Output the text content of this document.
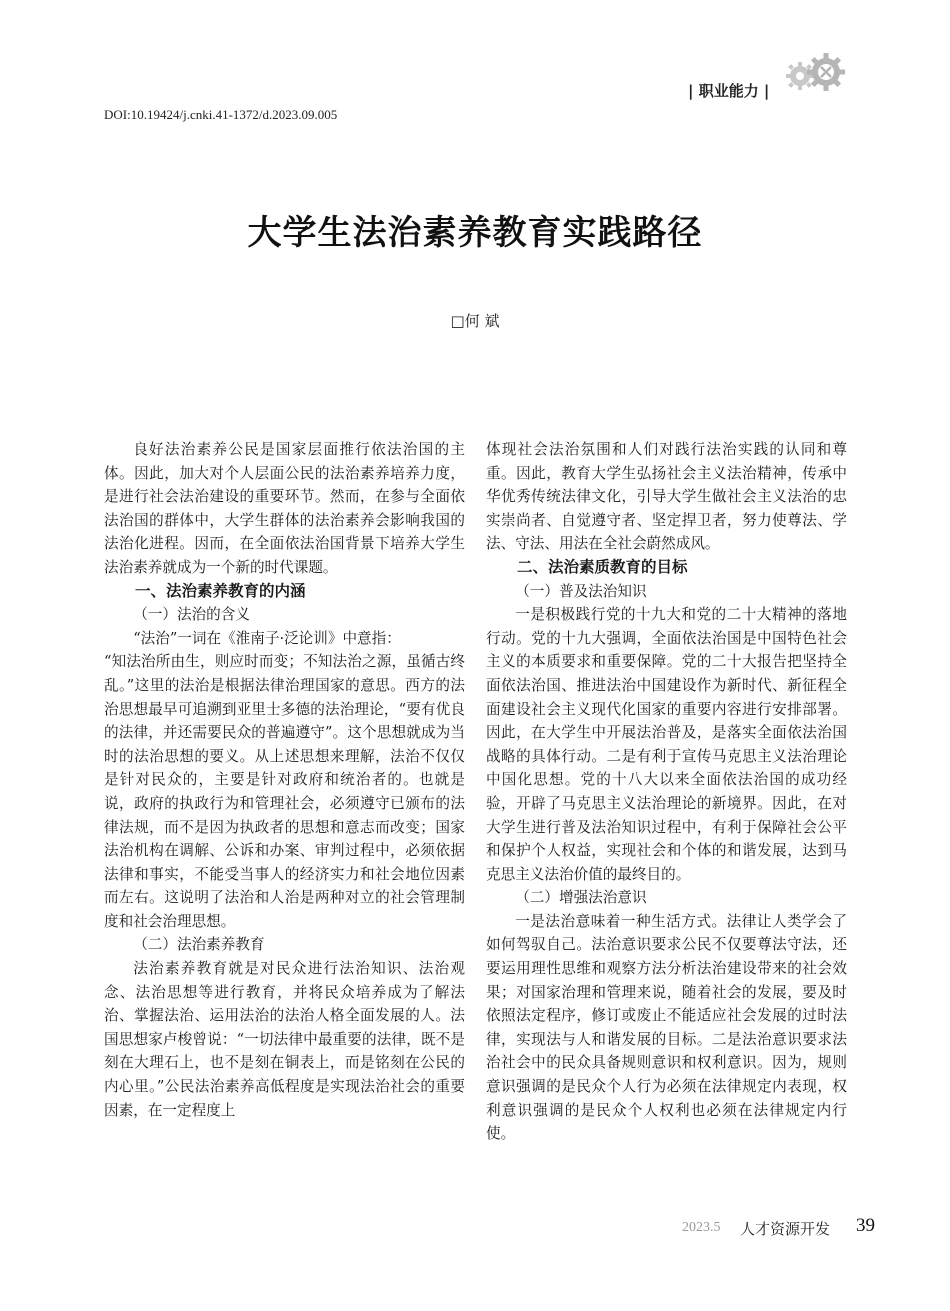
DOI:10.19424/j.cnki.41-1372/d.2023.09.005
| 职业能力 |
大学生法治素养教育实践路径
□何 斌

良好法治素养公民是国家层面推行依法治国的主体。因此，加大对个人层面公民的法治素养培养力度，是进行社会法治建设的重要环节。然而，在参与全面依法治国的群体中，大学生群体的法治素养会影响我国的法治化进程。因而，在全面依法治国背景下培养大学生法治素养就成为一个新的时代课题。

一、法治素养教育的内涵
（一）法治的含义

“法治”一词在《淮南子·泛论训》中意指：

“知法治所由生，则应时而变；不知法治之源，虽循古终乱。”这里的法治是根据法律治理国家的意思。西方的法治思想最早可追溯到亚里士多德的法治理论，“要有优良的法律，并还需要民众的普遍遵守”。这个思想就成为当时的法治思想的要义。从上述思想来理解，法治不仅仅是针对民众的，主要是针对政府和统治者的。也就是说，政府的执政行为和管理社会，必须遵守已颁布的法律法规，而不是因为执政者的思想和意志而改变；国家法治机构在调解、公诉和办案、审判过程中，必须依据法律和事实，不能受当事人的经济实力和社会地位因素而左右。这说明了法治和人治是两种对立的社会管理制度和社会治理思想。

（二）法治素养教育

法治素养教育就是对民众进行法治知识、法治观念、法治思想等进行教育，并将民众培养成为了解法治、掌握法治、运用法治的法治人格全面发展的人。法国思想家卢梭曾说：“一切法律中最重要的法律，既不是刻在大理石上，也不是刻在铜表上，而是铭刻在公民的内心里。”公民法治素养高低程度是实现法治社会的重要因素，在一定程度上

体现社会法治氛围和人们对践行法治实践的认同和尊重。因此，教育大学生弘扬社会主义法治精神，传承中华优秀传统法律文化，引导大学生做社会主义法治的忠实崇尚者、自觉遵守者、坚定捍卫者，努力使尊法、学法、守法、用法在全社会蔚然成风。

二、法治素质教育的目标
（一）普及法治知识

一是积极践行党的十九大和党的二十大精神的落地行动。党的十九大强调，全面依法治国是中国特色社会主义的本质要求和重要保障。党的二十大报告把坚持全面依法治国、推进法治中国建设作为新时代、新征程全面建设社会主义现代化国家的重要内容进行安排部署。因此，在大学生中开展法治普及，是落实全面依法治国战略的具体行动。二是有利于宣传马克思主义法治理论中国化思想。党的十八大以来全面依法治国的成功经验，开辟了马克思主义法治理论的新境界。因此，在对大学生进行普及法治知识过程中，有利于保障社会公平和保护个人权益，实现社会和个体的和谐发展，达到马克思主义法治价值的最终目的。

（二）增强法治意识

一是法治意味着一种生活方式。法律让人类学会了如何驾驭自己。法治意识要求公民不仅要尊法守法，还要运用理性思维和观察方法分析法治建设带来的社会效果；对国家治理和管理来说，随着社会的发展，要及时依照法定程序，修订或废止不能适应社会发展的过时法律，实现法与人和谐发展的目标。二是法治意识要求法治社会中的民众具备规则意识和权利意识。因为，规则意识强调的是民众个人行为必须在法律规定内表现，权利意识强调的是民众个人权利也必须在法律规定内行使。

2023.5 人才资源开发 39
